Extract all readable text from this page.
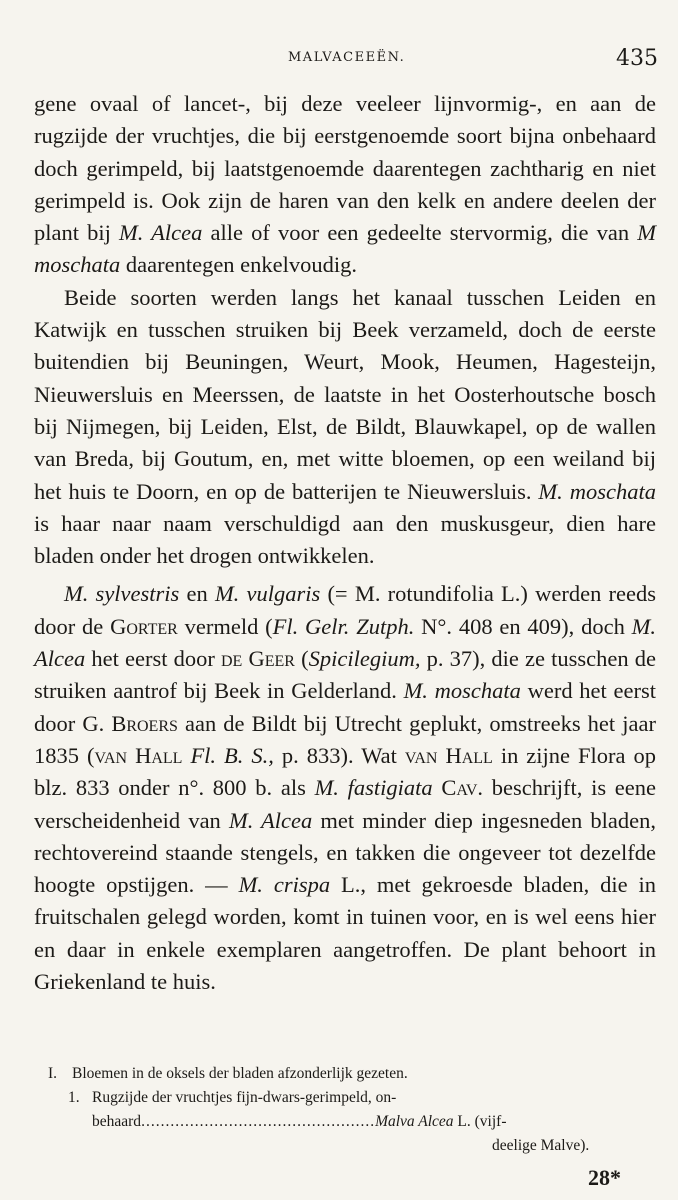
MALVACEEËN.	435

gene ovaal of lancet-, bij deze veeleer lijnvormig-, en aan de rugzijde der vruchtjes, die bij eerstgenoemde soort bijna onbehaard doch gerimpeld, bij laatstgenoemde daarentegen zachtharig en niet gerimpeld is. Ook zijn de haren van den kelk en andere deelen der plant bij M. Alcea alle of voor een gedeelte stervormig, die van M moschata daarentegen enkelvoudig.

Beide soorten werden langs het kanaal tusschen Leiden en Katwijk en tusschen struiken bij Beek verzameld, doch de eerste buitendien bij Beuningen, Weurt, Mook, Heumen, Hagesteijn, Nieuwersluis en Meerssen, de laatste in het Oosterhoutsche bosch bij Nijmegen, bij Leiden, Elst, de Bildt, Blauwkapel, op de wallen van Breda, bij Goutum, en, met witte bloemen, op een weiland bij het huis te Doorn, en op de batterijen te Nieuwersluis. M. moschata is haar naar naam verschuldigd aan den muskusgeur, dien hare bladen onder het drogen ontwikkelen.

M. sylvestris en M. vulgaris (= M. rotundifolia L.) werden reeds door de Gorter vermeld (Fl. Gelr. Zutph. N°. 408 en 409), doch M. Alcea het eerst door de Geer (Spicilegium, p. 37), die ze tusschen de struiken aantrof bij Beek in Gelderland. M. moschata werd het eerst door G. Broers aan de Bildt bij Utrecht geplukt, omstreeks het jaar 1835 (van Hall Fl. B. S., p. 833). Wat van Hall in zijne Flora op blz. 833 onder n°. 800 b. als M. fastigiata Cav. beschrijft, is eene verscheidenheid van M. Alcea met minder diep ingesneden bladen, rechtovereind staande stengels, en takken die ongeveer tot dezelfde hoogte opstijgen. — M. crispa L., met gekroesde bladen, die in fruitschalen gelegd worden, komt in tuinen voor, en is wel eens hier en daar in enkele exemplaren aangetroffen. De plant behoort in Griekenland te huis.

I. Bloemen in de oksels der bladen afzonderlijk gezeten.
1. Rugzijde der vruchtjes fijn-dwars-gerimpeld, on-
behaard................................................Malva Alcea L. (vijf-
deelige Malve).
28*
